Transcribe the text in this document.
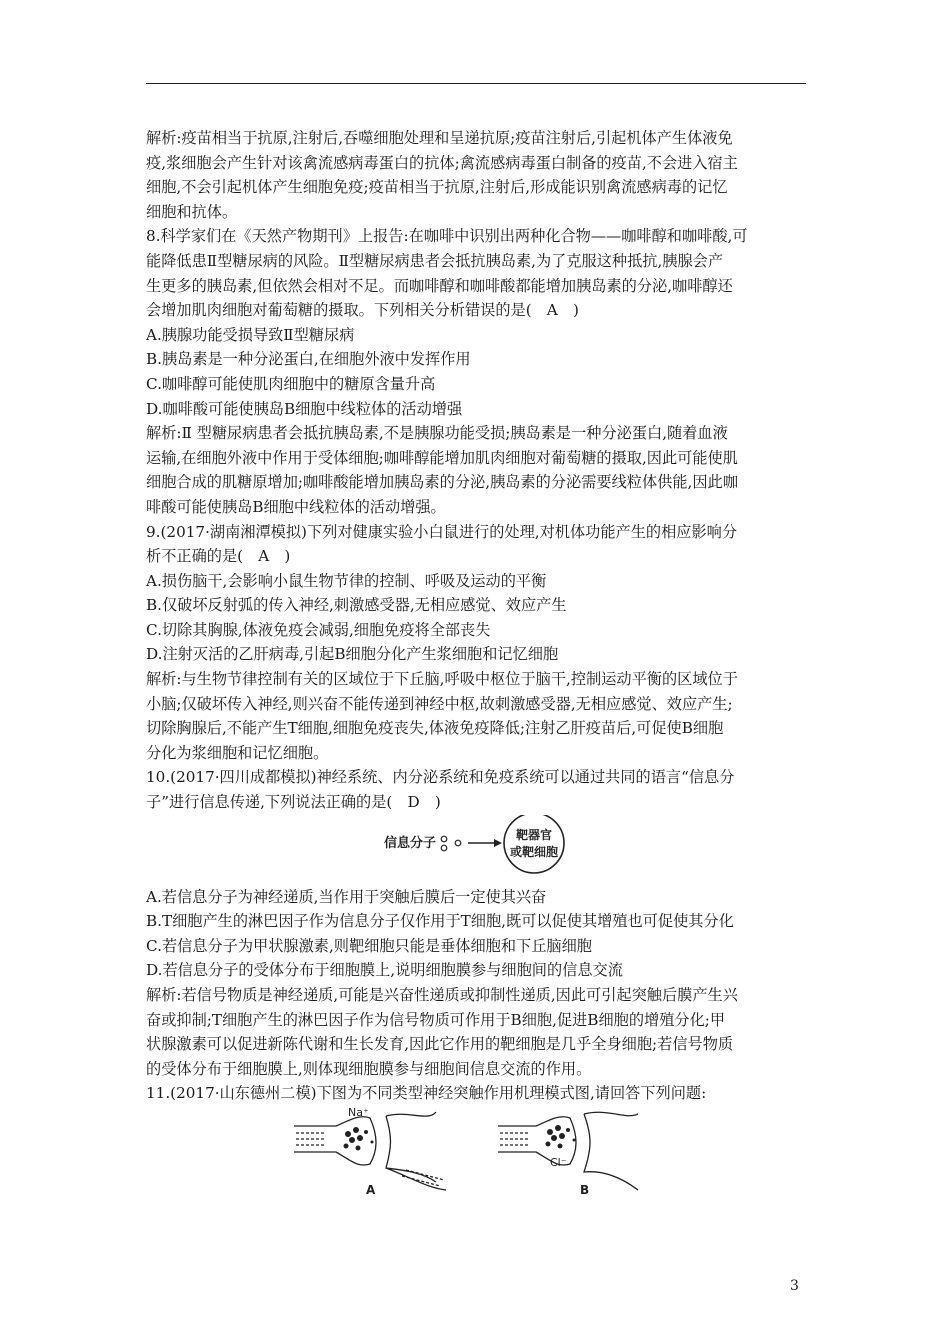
解析:疫苗相当于抗原,注射后,吞噬细胞处理和呈递抗原;疫苗注射后,引起机体产生体液免

疫,浆细胞会产生针对该禽流感病毒蛋白的抗体;禽流感病毒蛋白制备的疫苗,不会进入宿主

细胞,不会引起机体产生细胞免疫;疫苗相当于抗原,注射后,形成能识别禽流感病毒的记忆

细胞和抗体。

8.科学家们在《天然产物期刊》上报告:在咖啡中识别出两种化合物——咖啡醇和咖啡酸,可

能降低患Ⅱ型糖尿病的风险。Ⅱ型糖尿病患者会抵抗胰岛素,为了克服这种抵抗,胰腺会产

生更多的胰岛素,但依然会相对不足。而咖啡醇和咖啡酸都能增加胰岛素的分泌,咖啡醇还

会增加肌肉细胞对葡萄糖的摄取。下列相关分析错误的是(　A　)

A.胰腺功能受损导致Ⅱ型糖尿病

B.胰岛素是一种分泌蛋白,在细胞外液中发挥作用

C.咖啡醇可能使肌肉细胞中的糖原含量升高

D.咖啡酸可能使胰岛B细胞中线粒体的活动增强

解析:Ⅱ 型糖尿病患者会抵抗胰岛素,不是胰腺功能受损;胰岛素是一种分泌蛋白,随着血液

运输,在细胞外液中作用于受体细胞;咖啡醇能增加肌肉细胞对葡萄糖的摄取,因此可能使肌

细胞合成的肌糖原增加;咖啡酸能增加胰岛素的分泌,胰岛素的分泌需要线粒体供能,因此咖

啡酸可能使胰岛B细胞中线粒体的活动增强。

9.(2017·湖南湘潭模拟)下列对健康实验小白鼠进行的处理,对机体功能产生的相应影响分

析不正确的是(　A　)

A.损伤脑干,会影响小鼠生物节律的控制、呼吸及运动的平衡

B.仅破坏反射弧的传入神经,刺激感受器,无相应感觉、效应产生

C.切除其胸腺,体液免疫会减弱,细胞免疫将全部丧失

D.注射灭活的乙肝病毒,引起B细胞分化产生浆细胞和记忆细胞

解析:与生物节律控制有关的区域位于下丘脑,呼吸中枢位于脑干,控制运动平衡的区域位于

小脑;仅破坏传入神经,则兴奋不能传递到神经中枢,故刺激感受器,无相应感觉、效应产生;

切除胸腺后,不能产生T细胞,细胞免疫丧失,体液免疫降低;注射乙肝疫苗后,可促使B细胞

分化为浆细胞和记忆细胞。

10.(2017·四川成都模拟)神经系统、内分泌系统和免疫系统可以通过共同的语言“信息分

子”进行信息传递,下列说法正确的是(　D　)

信息分子
靶器官
或靶细胞

A.若信息分子为神经递质,当作用于突触后膜后一定使其兴奋

B.T细胞产生的淋巴因子作为信息分子仅作用于T细胞,既可以促使其增殖也可促使其分化

C.若信息分子为甲状腺激素,则靶细胞只能是垂体细胞和下丘脑细胞

D.若信息分子的受体分布于细胞膜上,说明细胞膜参与细胞间的信息交流

解析:若信号物质是神经递质,可能是兴奋性递质或抑制性递质,因此可引起突触后膜产生兴

奋或抑制;T细胞产生的淋巴因子作为信号物质可作用于B细胞,促进B细胞的增殖分化;甲

状腺激素可以促进新陈代谢和生长发育,因此它作用的靶细胞是几乎全身细胞;若信号物质

的受体分布于细胞膜上,则体现细胞膜参与细胞间信息交流的作用。

11.(2017·山东德州二模)下图为不同类型神经突触作用机理模式图,请回答下列问题:

Na⁺
A
Cl⁻
B
3
